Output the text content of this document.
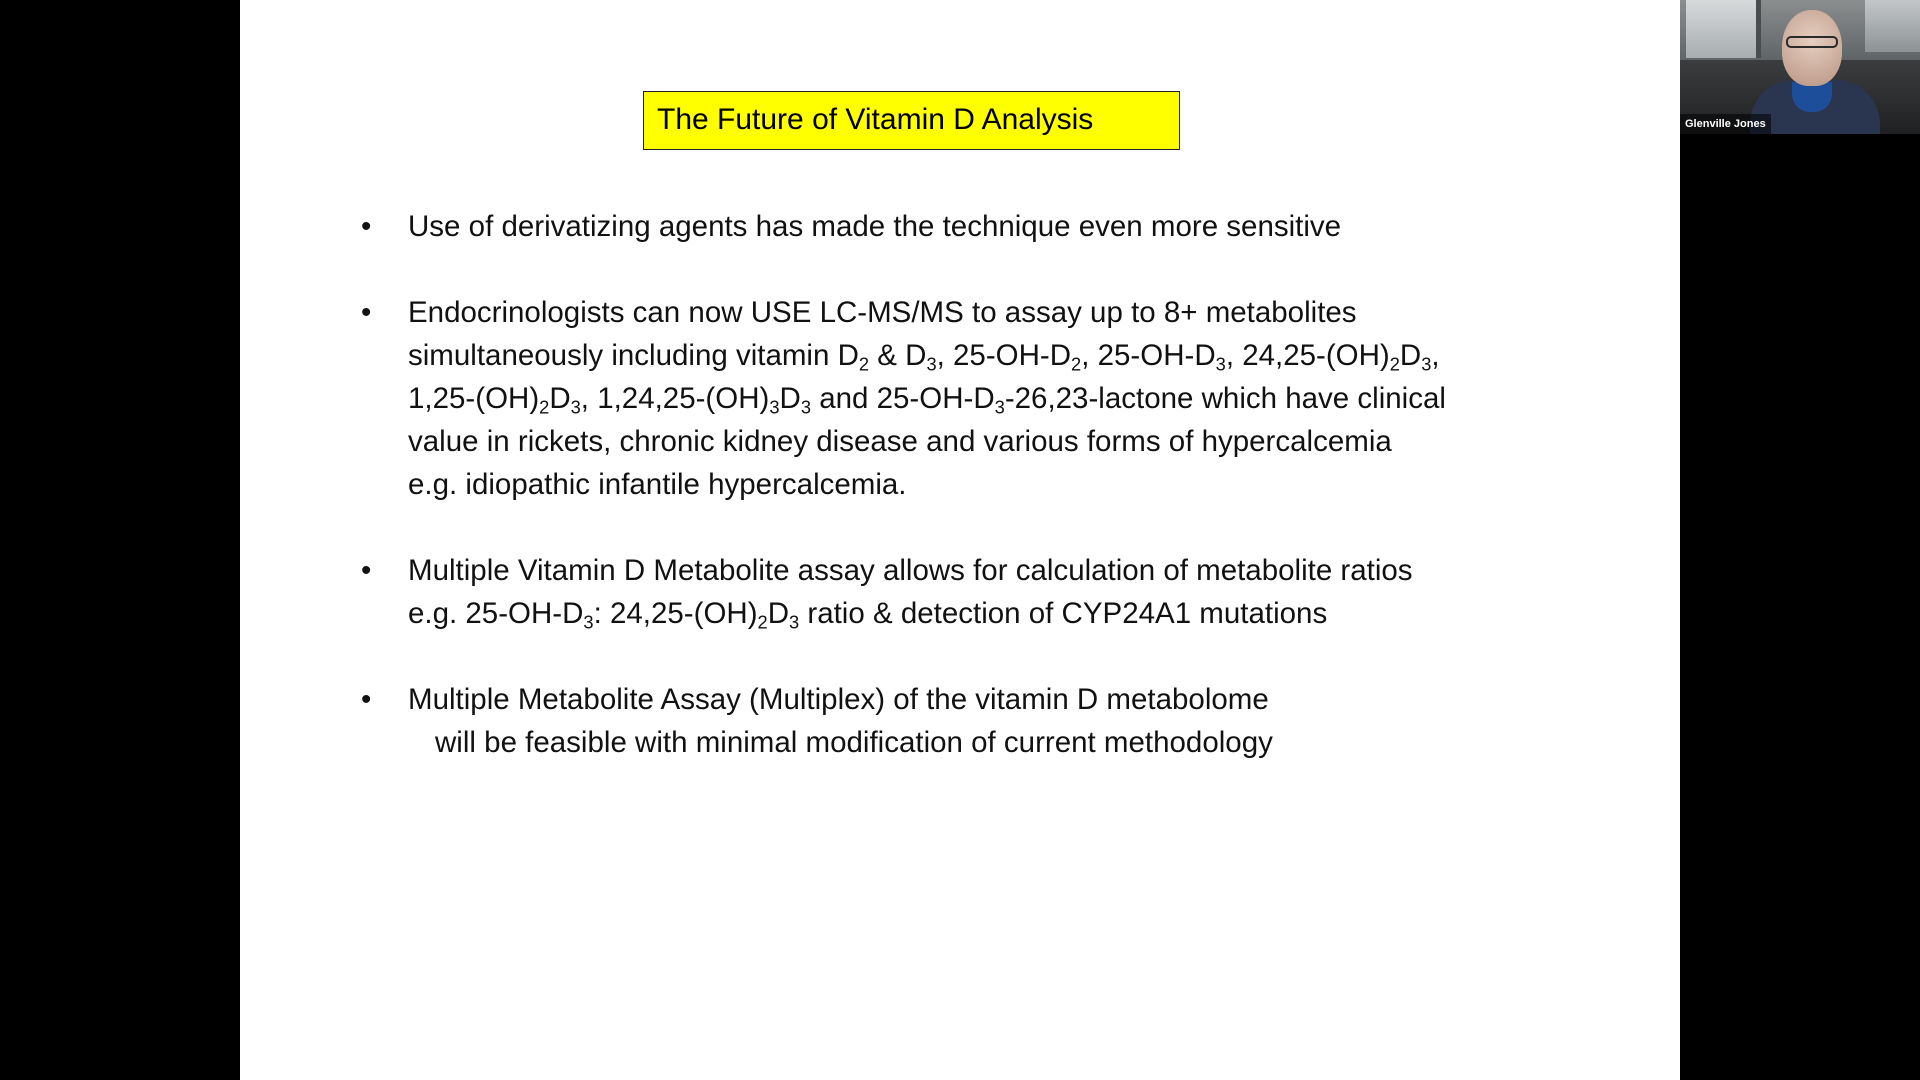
The Future of Vitamin D Analysis
• Use of derivatizing agents has made the technique even more sensitive
• Endocrinologists can now USE LC-MS/MS to assay up to 8+ metabolites
simultaneously including vitamin $D_2$ & $D_3$, $25-OH-D_2$, $25-OH-D_3$, $24,25-(OH)_2D_3$,
$1,25-(OH)_2D_3$, $1,24,25-(OH)_3D_3$ and $25-OH-D_3-26,23$-lactone which have clinical
value in rickets, chronic kidney disease and various forms of hypercalcemia
e.g. idiopathic infantile hypercalcemia.
• Multiple Vitamin D Metabolite assay allows for calculation of metabolite ratios
e.g. $25-OH-D_3$: $24,25-(OH)_2D_3$ ratio & detection of CYP24A1 mutations
• Multiple Metabolite Assay (Multiplex) of the vitamin D metabolome
will be feasible with minimal modification of current methodology
Glenville Jones
